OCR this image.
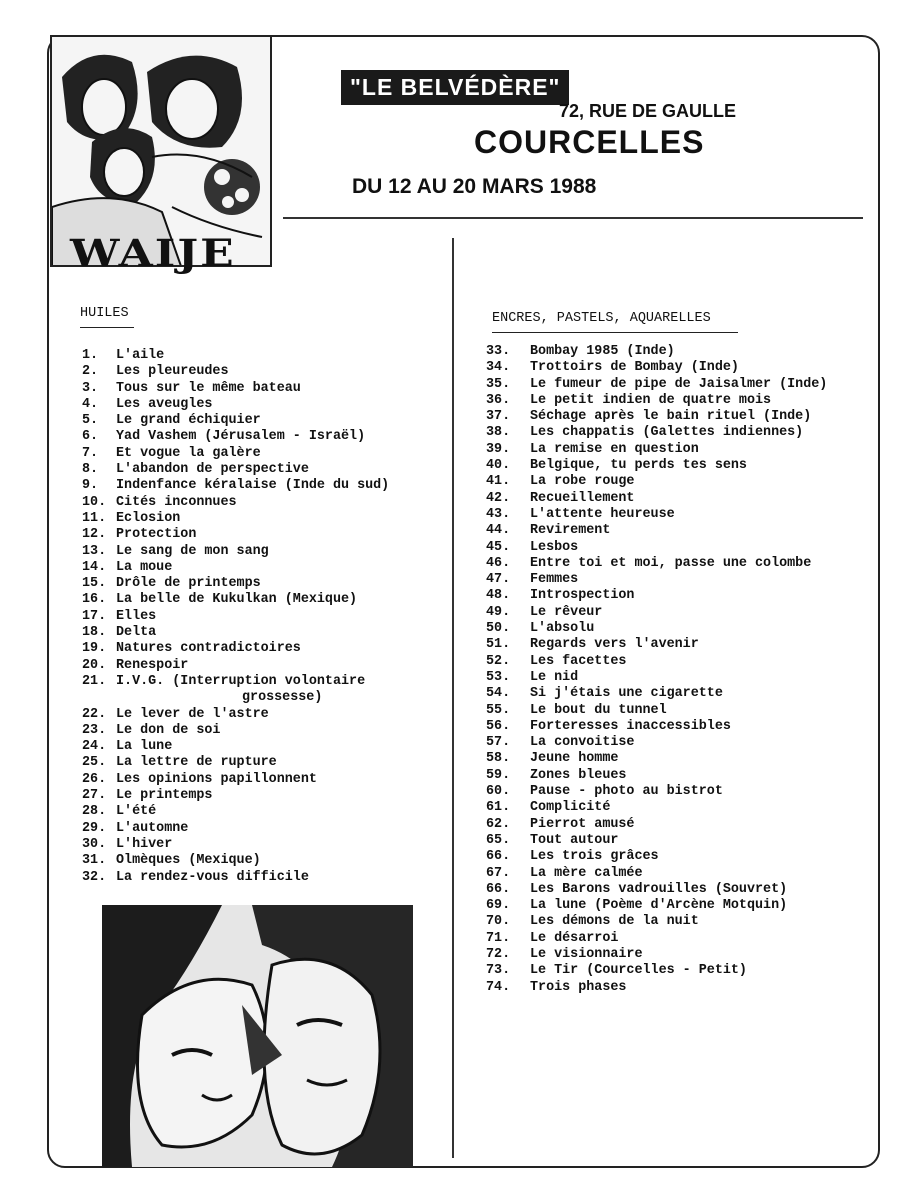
WAIJE
"LE BELVÉDÈRE"
72, RUE DE GAULLE
COURCELLES
DU 12 AU 20 MARS 1988
HUILES
1. L'aile
2. Les pleureudes
3. Tous sur le même bateau
4. Les aveugles
5. Le grand échiquier
6. Yad Vashem (Jérusalem - Israël)
7. Et vogue la galère
8. L'abandon de perspective
9. Indenfance kéralaise (Inde du sud)
10. Cités inconnues
11. Eclosion
12. Protection
13. Le sang de mon sang
14. La moue
15. Drôle de printemps
16. La belle de Kukulkan (Mexique)
17. Elles
18. Delta
19. Natures contradictoires
20. Renespoir
21. I.V.G. (Interruption volontaire
grossesse)
22. Le lever de l'astre
23. Le don de soi
24. La lune
25. La lettre de rupture
26. Les opinions papillonnent
27. Le printemps
28. L'été
29. L'automne
30. L'hiver
31. Olmèques (Mexique)
32. La rendez-vous difficile
ENCRES, PASTELS, AQUARELLES
33. Bombay 1985 (Inde)
34. Trottoirs de Bombay (Inde)
35. Le fumeur de pipe de Jaisalmer (Inde)
36. Le petit indien de quatre mois
37. Séchage après le bain rituel (Inde)
38. Les chappatis (Galettes indiennes)
39. La remise en question
40. Belgique, tu perds tes sens
41. La robe rouge
42. Recueillement
43. L'attente heureuse
44. Revirement
45. Lesbos
46. Entre toi et moi, passe une colombe
47. Femmes
48. Introspection
49. Le rêveur
50. L'absolu
51. Regards vers l'avenir
52. Les facettes
53. Le nid
54. Si j'étais une cigarette
55. Le bout du tunnel
56. Forteresses inaccessibles
57. La convoitise
58. Jeune homme
59. Zones bleues
60. Pause - photo au bistrot
61. Complicité
62. Pierrot amusé
65. Tout autour
66. Les trois grâces
67. La mère calmée
66. Les Barons vadrouilles (Souvret)
69. La lune (Poème d'Arcène Motquin)
70. Les démons de la nuit
71. Le désarroi
72. Le visionnaire
73. Le Tir (Courcelles - Petit)
74. Trois phases
